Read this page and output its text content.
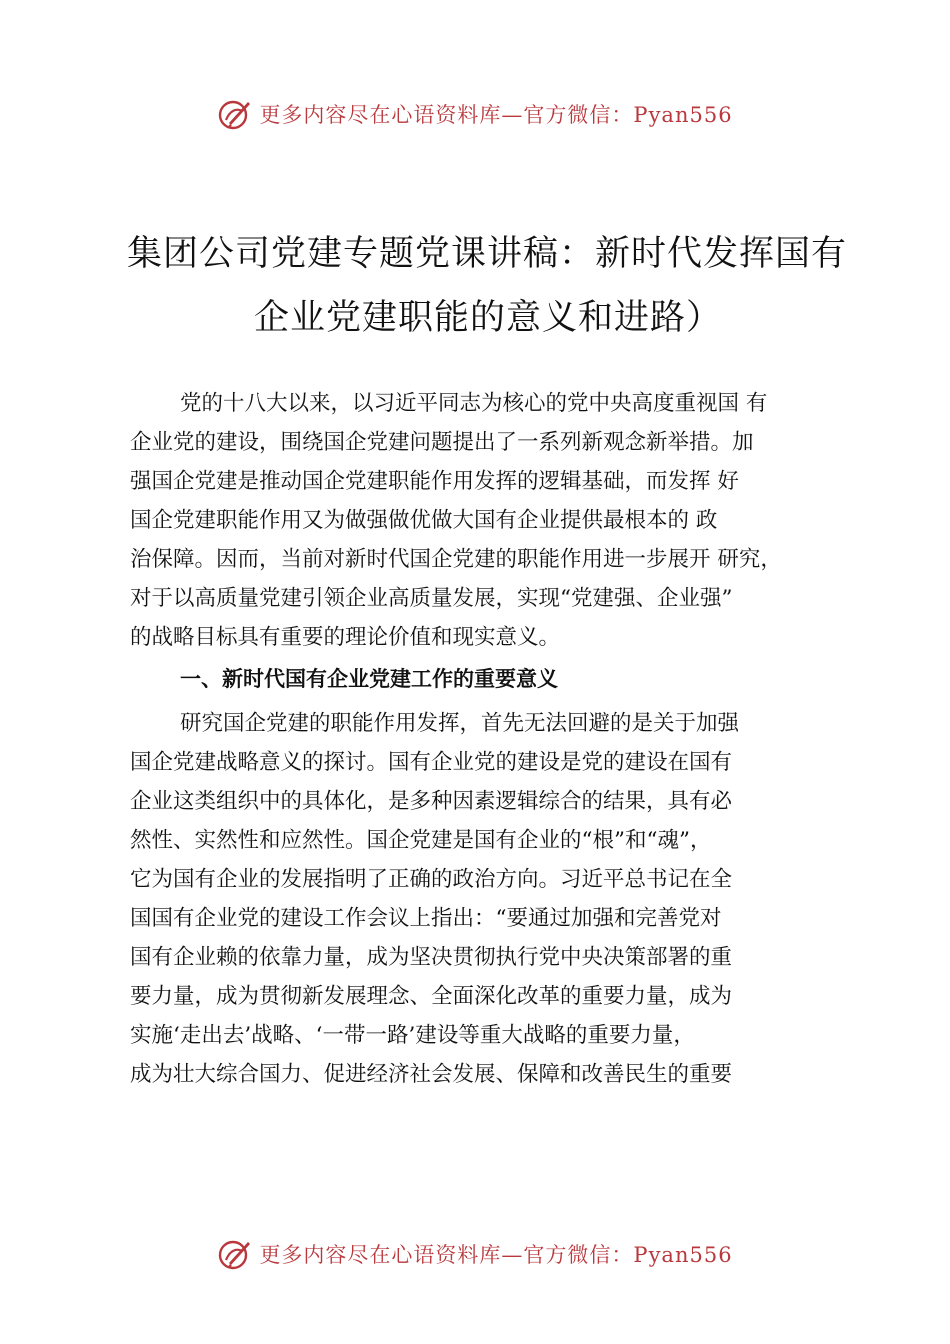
更多内容尽在心语资料库—官方微信：Pyan556
集团公司党建专题党课讲稿：新时代发挥国有
企业党建职能的意义和进路）
党的十八大以来，以习近平同志为核心的党中央高度重视国 有
企业党的建设，围绕国企党建问题提出了一系列新观念新举措。加
强国企党建是推动国企党建职能作用发挥的逻辑基础，而发挥 好
国企党建职能作用又为做强做优做大国有企业提供最根本的 政
治保障。因而，当前对新时代国企党建的职能作用进一步展开 研究，
对于以高质量党建引领企业高质量发展，实现“党建强、企业强”
的战略目标具有重要的理论价值和现实意义。
一、新时代国有企业党建工作的重要意义
研究国企党建的职能作用发挥，首先无法回避的是关于加强
国企党建战略意义的探讨。国有企业党的建设是党的建设在国有
企业这类组织中的具体化，是多种因素逻辑综合的结果，具有必
然性、实然性和应然性。国企党建是国有企业的“根”和“魂”，
它为国有企业的发展指明了正确的政治方向。习近平总书记在全
国国有企业党的建设工作会议上指出：“要通过加强和完善党对
国有企业赖的依靠力量，成为坚决贯彻执行党中央决策部署的重
要力量，成为贯彻新发展理念、全面深化改革的重要力量，成为
实施‘走出去’战略、‘一带一路’建设等重大战略的重要力量，
成为壮大综合国力、促进经济社会发展、保障和改善民生的重要
更多内容尽在心语资料库—官方微信：Pyan556
